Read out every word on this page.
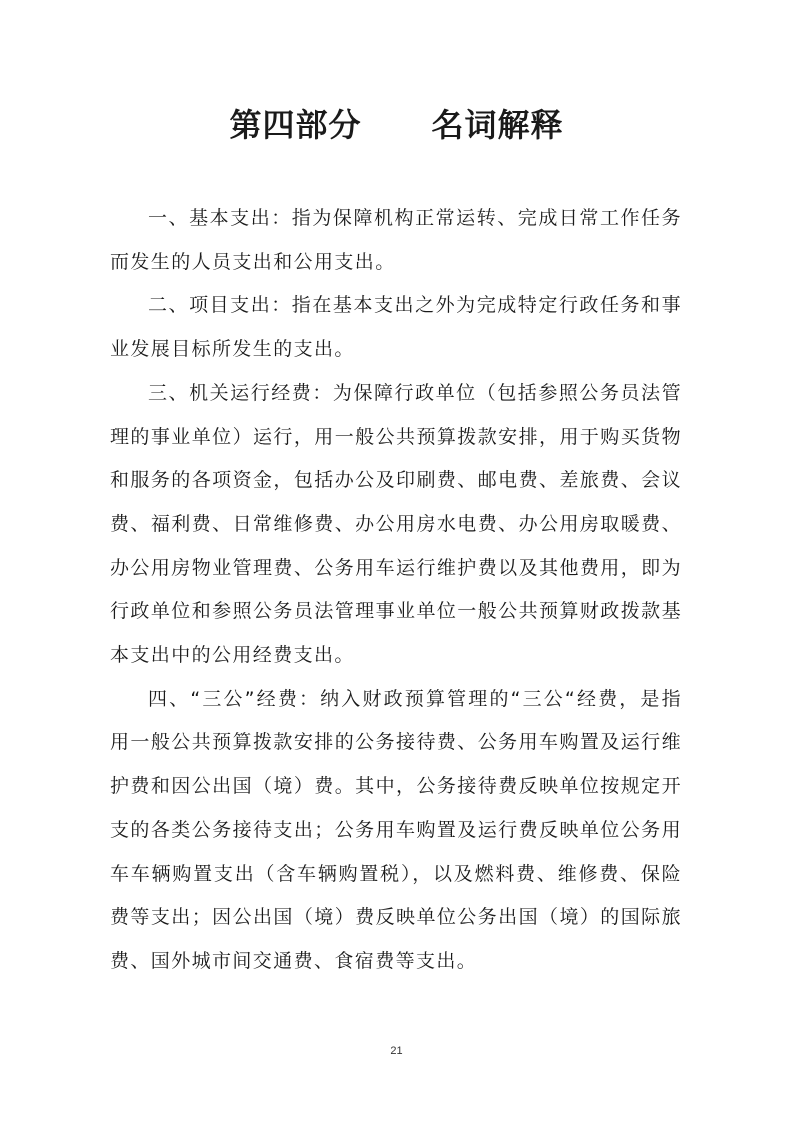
第四部分 名词解释

一、基本支出：指为保障机构正常运转、完成日常工作任务而发生的人员支出和公用支出。

二、项目支出：指在基本支出之外为完成特定行政任务和事业发展目标所发生的支出。

三、机关运行经费：为保障行政单位（包括参照公务员法管理的事业单位）运行，用一般公共预算拨款安排，用于购买货物和服务的各项资金，包括办公及印刷费、邮电费、差旅费、会议费、福利费、日常维修费、办公用房水电费、办公用房取暖费、办公用房物业管理费、公务用车运行维护费以及其他费用，即为行政单位和参照公务员法管理事业单位一般公共预算财政拨款基本支出中的公用经费支出。

四、“三公”经费：纳入财政预算管理的“三公“经费，是指用一般公共预算拨款安排的公务接待费、公务用车购置及运行维护费和因公出国（境）费。其中，公务接待费反映单位按规定开支的各类公务接待支出；公务用车购置及运行费反映单位公务用车车辆购置支出（含车辆购置税），以及燃料费、维修费、保险费等支出；因公出国（境）费反映单位公务出国（境）的国际旅费、国外城市间交通费、食宿费等支出。

21
